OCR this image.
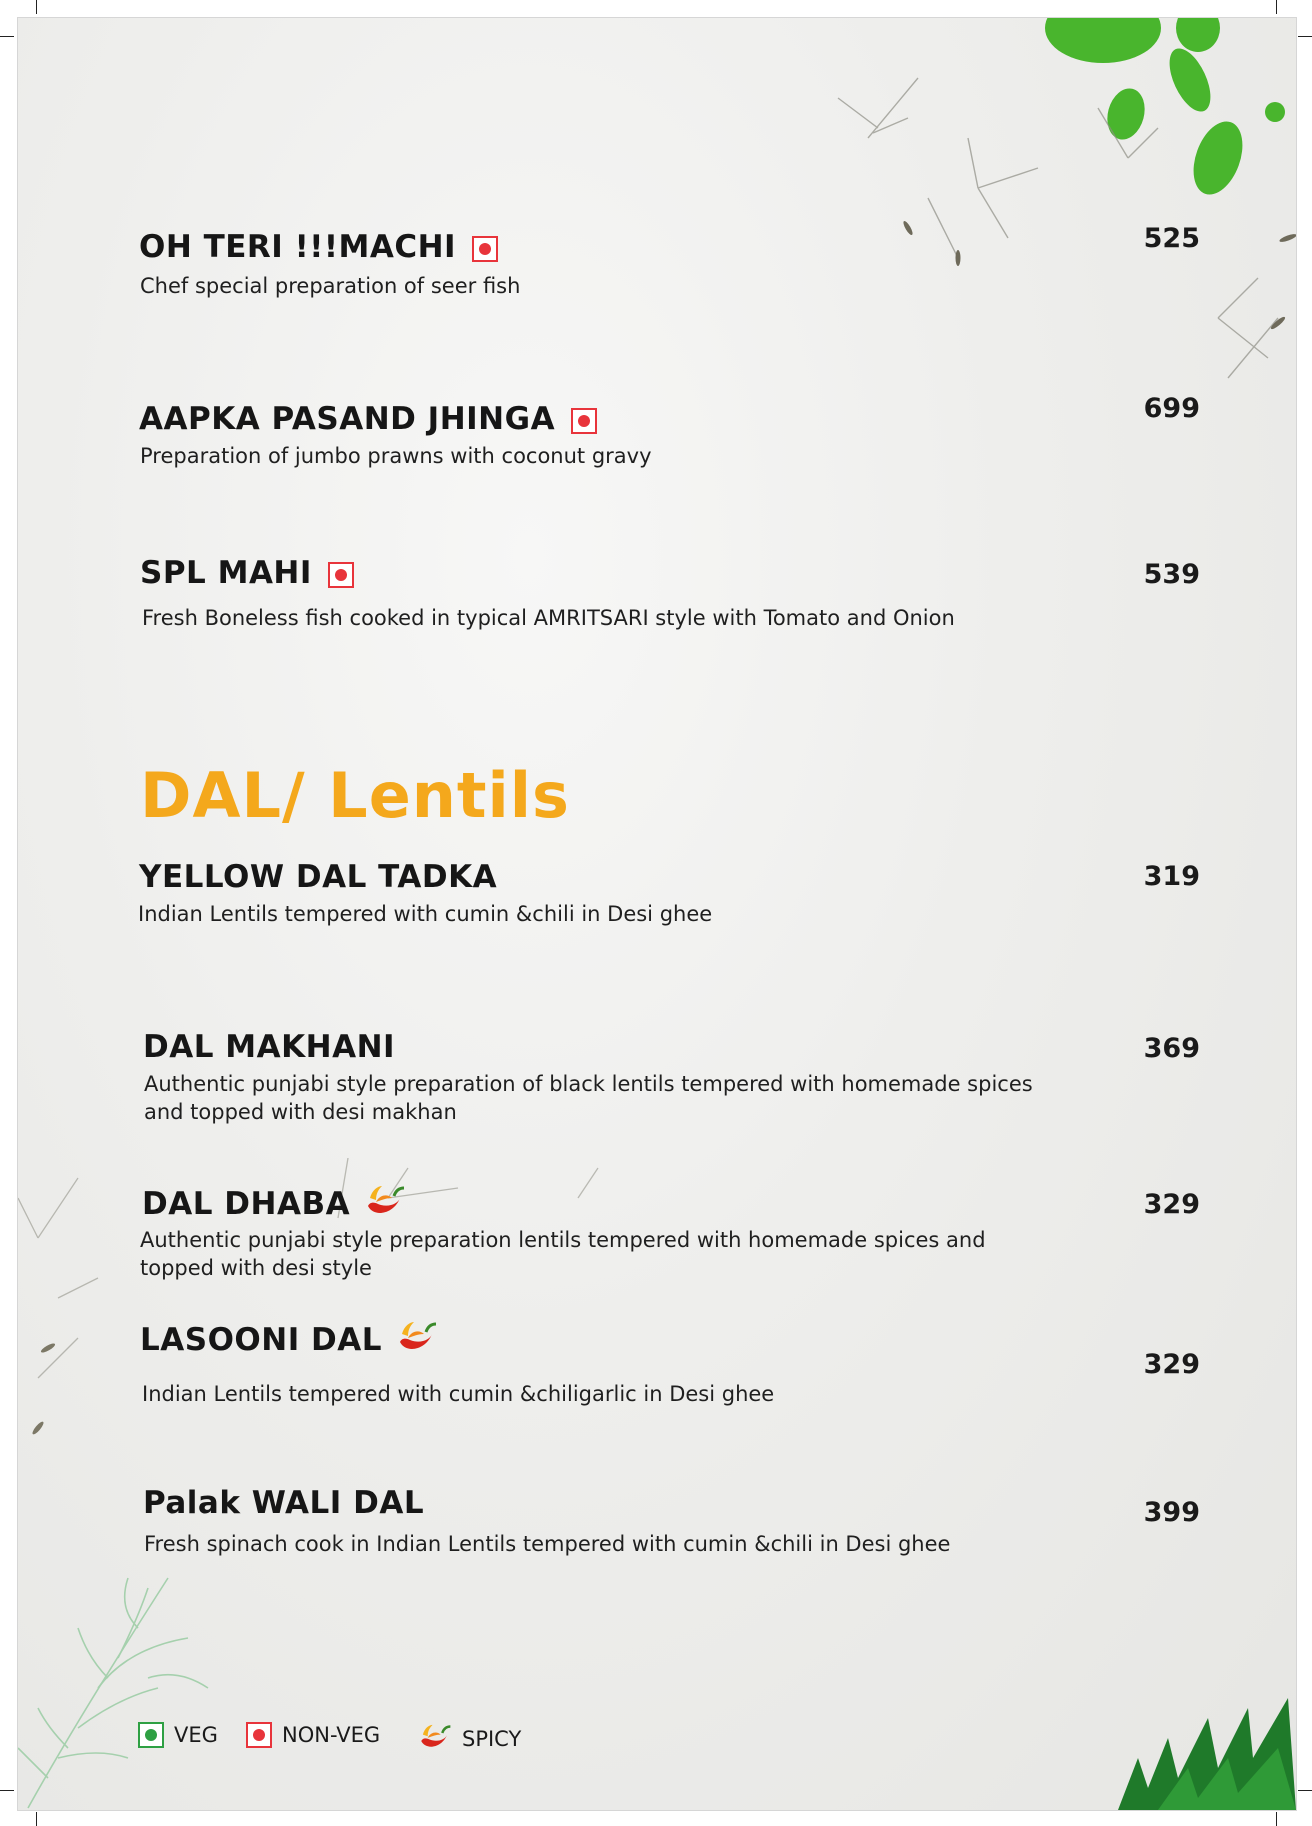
OH TERI !!!MACHI
Chef special preparation of seer fish
525
AAPKA PASAND JHINGA
Preparation of jumbo prawns with coconut gravy
699
SPL MAHI
Fresh Boneless fish cooked in typical AMRITSARI style with Tomato and Onion
539
DAL/ Lentils
YELLOW DAL TADKA
Indian Lentils tempered with cumin &chili in Desi ghee
319
DAL MAKHANI
Authentic punjabi style preparation of black lentils tempered with homemade spices and topped with desi makhan
369
DAL DHABA
Authentic punjabi style preparation lentils tempered with homemade spices and topped with desi style
329
LASOONI DAL
Indian Lentils tempered with cumin &chiligarlic in Desi ghee
329
Palak WALI DAL
Fresh spinach cook in Indian Lentils tempered with cumin &chili in Desi ghee
399
VEG	NON-VEG	SPICY
